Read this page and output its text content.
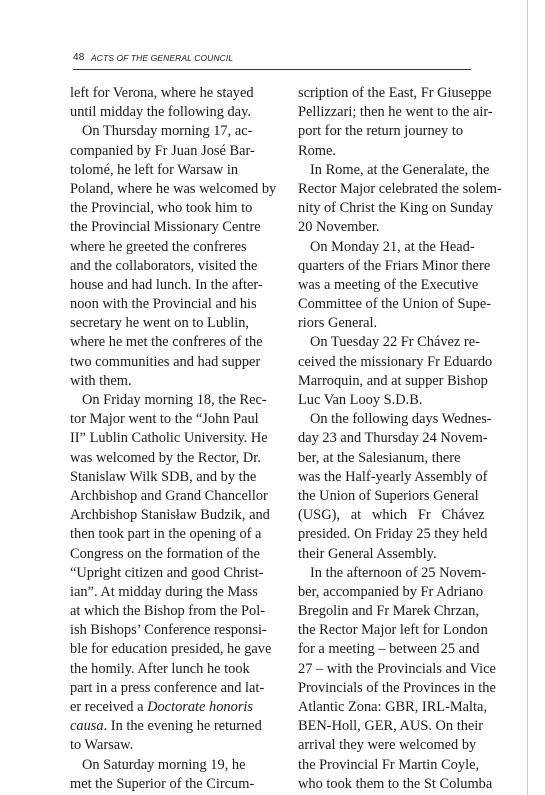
48 ACTS OF THE GENERAL COUNCIL
left for Verona, where he stayed
until midday the following day.
On Thursday morning 17, ac-
companied by Fr Juan José Bar-
tolomé, he left for Warsaw in
Poland, where he was welcomed by
the Provincial, who took him to
the Provincial Missionary Centre
where he greeted the confreres
and the collaborators, visited the
house and had lunch. In the after-
noon with the Provincial and his
secretary he went on to Lublin,
where he met the confreres of the
two communities and had supper
with them.
On Friday morning 18, the Rec-
tor Major went to the “John Paul
II” Lublin Catholic University. He
was welcomed by the Rector, Dr.
Stanislaw Wilk SDB, and by the
Archbishop and Grand Chancellor
Archbishop Stanisław Budzik, and
then took part in the opening of a
Congress on the formation of the
“Upright citizen and good Christ-
ian”. At midday during the Mass
at which the Bishop from the Pol-
ish Bishops’ Conference responsi-
ble for education presided, he gave
the homily. After lunch he took
part in a press conference and lat-
er received a Doctorate honoris
causa. In the evening he returned
to Warsaw.
On Saturday morning 19, he
met the Superior of the Circum-
scription of the East, Fr Giuseppe
Pellizzari; then he went to the air-
port for the return journey to
Rome.
In Rome, at the Generalate, the
Rector Major celebrated the solem-
nity of Christ the King on Sunday
20 November.
On Monday 21, at the Head-
quarters of the Friars Minor there
was a meeting of the Executive
Committee of the Union of Supe-
riors General.
On Tuesday 22 Fr Chávez re-
ceived the missionary Fr Eduardo
Marroquin, and at supper Bishop
Luc Van Looy S.D.B.
On the following days Wednes-
day 23 and Thursday 24 Novem-
ber, at the Salesianum, there
was the Half-yearly Assembly of
the Union of Superiors General
(USG),   at   which   Fr   Chávez
presided. On Friday 25 they held
their General Assembly.
In the afternoon of 25 Novem-
ber, accompanied by Fr Adriano
Bregolin and Fr Marek Chrzan,
the Rector Major left for London
for a meeting – between 25 and
27 – with the Provincials and Vice
Provincials of the Provinces in the
Atlantic Zona: GBR, IRL-Malta,
BEN-Holl, GER, AUS. On their
arrival they were welcomed by
the Provincial Fr Martin Coyle,
who took them to the St Columba
